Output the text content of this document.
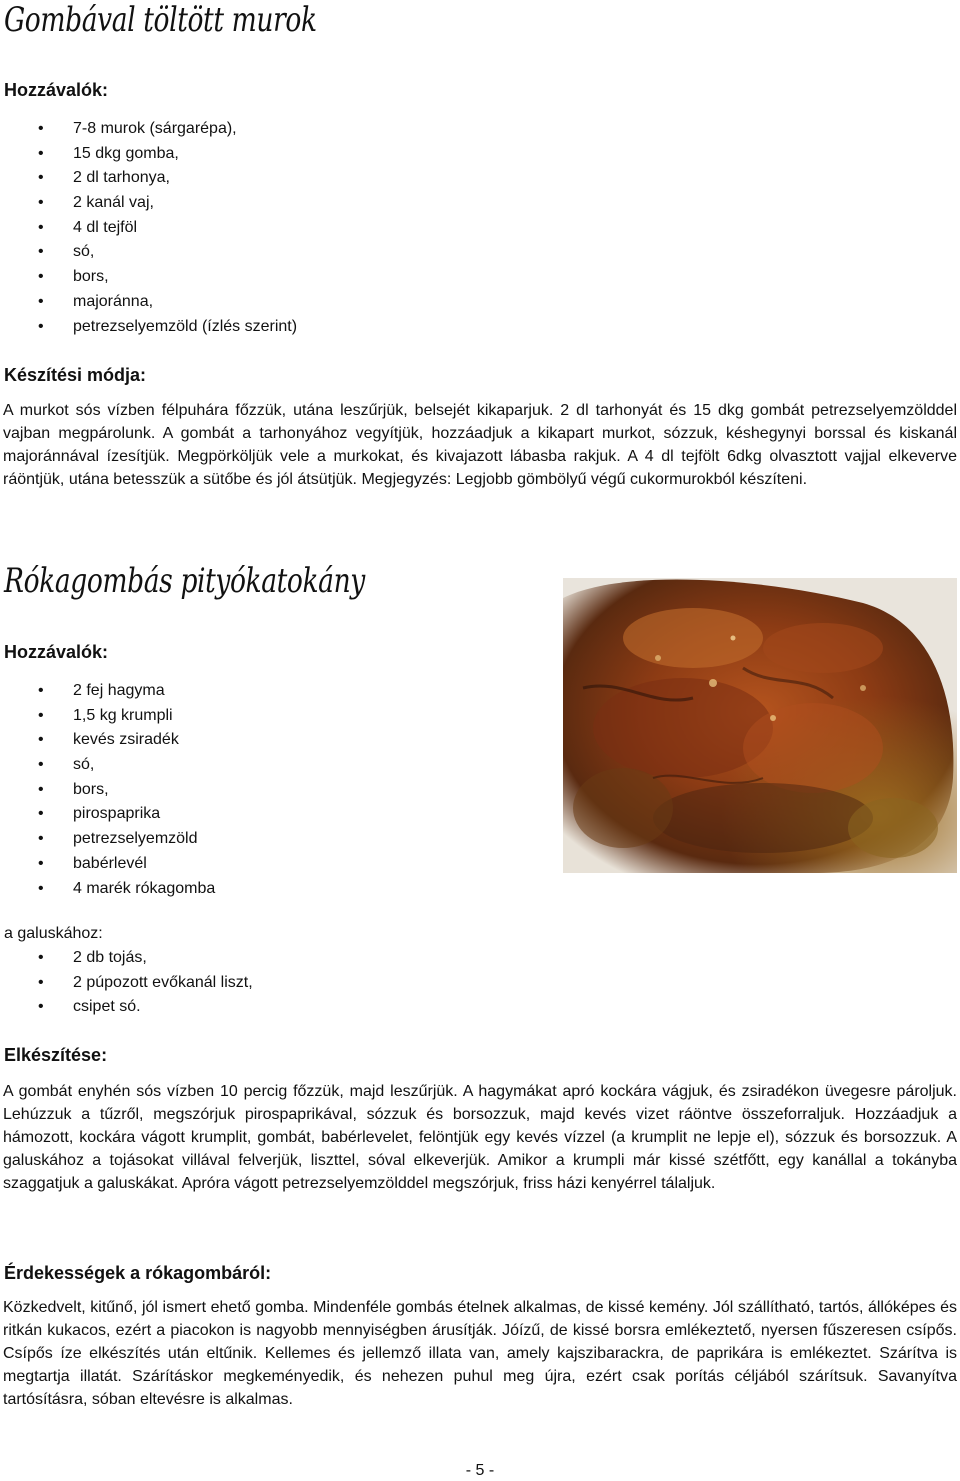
Gombával töltött murok
Hozzávalók:
• 7-8 murok (sárgarépa),
• 15 dkg gomba,
• 2 dl tarhonya,
• 2 kanál vaj,
• 4 dl tejföl
• só,
• bors,
• majoránna,
• petrezselyemzöld (ízlés szerint)
Készítési módja:
A murkot sós vízben félpuhára főzzük, utána leszűrjük, belsejét kikaparjuk. 2 dl tarhonyát és 15 dkg gombát petrezselyemzölddel vajban megpárolunk. A gombát a tarhonyához vegyítjük, hozzáadjuk a kikapart murkot, sózzuk, késhegynyi borssal és kiskanál majoránnával ízesítjük. Megpörköljük vele a murkokat, és kivajazott lábasba rakjuk. A 4 dl tejfölt 6dkg olvasztott vajjal elkeverve ráöntjük, utána betesszük a sütőbe és jól átsütjük. Megjegyzés: Legjobb gömbölyű végű cukormurokból készíteni.
Rókagombás pityókatokány
Hozzávalók:
• 2 fej hagyma
• 1,5 kg krumpli
• kevés zsiradék
• só,
• bors,
• pirospaprika
• petrezselyemzöld
• babérlevél
• 4 marék rókagomba
a galuskához:
• 2 db tojás,
• 2 púpozott evőkanál liszt,
• csipet só.
Elkészítése:
A gombát enyhén sós vízben 10 percig főzzük, majd leszűrjük. A hagymákat apró kockára vágjuk, és zsiradékon üvegesre pároljuk. Lehúzzuk a tűzről, megszórjuk pirospaprikával, sózzuk és borsozzuk, majd kevés vizet ráöntve összeforraljuk. Hozzáadjuk a hámozott, kockára vágott krumplit, gombát, babérlevelet, felöntjük egy kevés vízzel (a krumplit ne lepje el), sózzuk és borsozzuk. A galuskához a tojásokat villával felverjük, liszttel, sóval elkeverjük. Amikor a krumpli már kissé szétfőtt, egy kanállal a tokányba szaggatjuk a galuskákat. Apróra vágott petrezselyemzölddel megszórjuk, friss házi kenyérrel tálaljuk.
Érdekességek a rókagombáról:
Közkedvelt, kitűnő, jól ismert ehető gomba. Mindenféle gombás ételnek alkalmas, de kissé kemény. Jól szállítható, tartós, állóképes és ritkán kukacos, ezért a piacokon is nagyobb mennyiségben árusítják. Jóízű, de kissé borsra emlékeztető, nyersen fűszeresen csípős. Csípős íze elkészítés után eltűnik. Kellemes és jellemző illata van, amely kajszibarackra, de paprikára is emlékeztet. Szárítva is megtartja illatát. Szárításkor megkeményedik, és nehezen puhul meg újra, ezért csak porítás céljából szárítsuk. Savanyítva tartósításra, sóban eltevésre is alkalmas.
- 5 -
